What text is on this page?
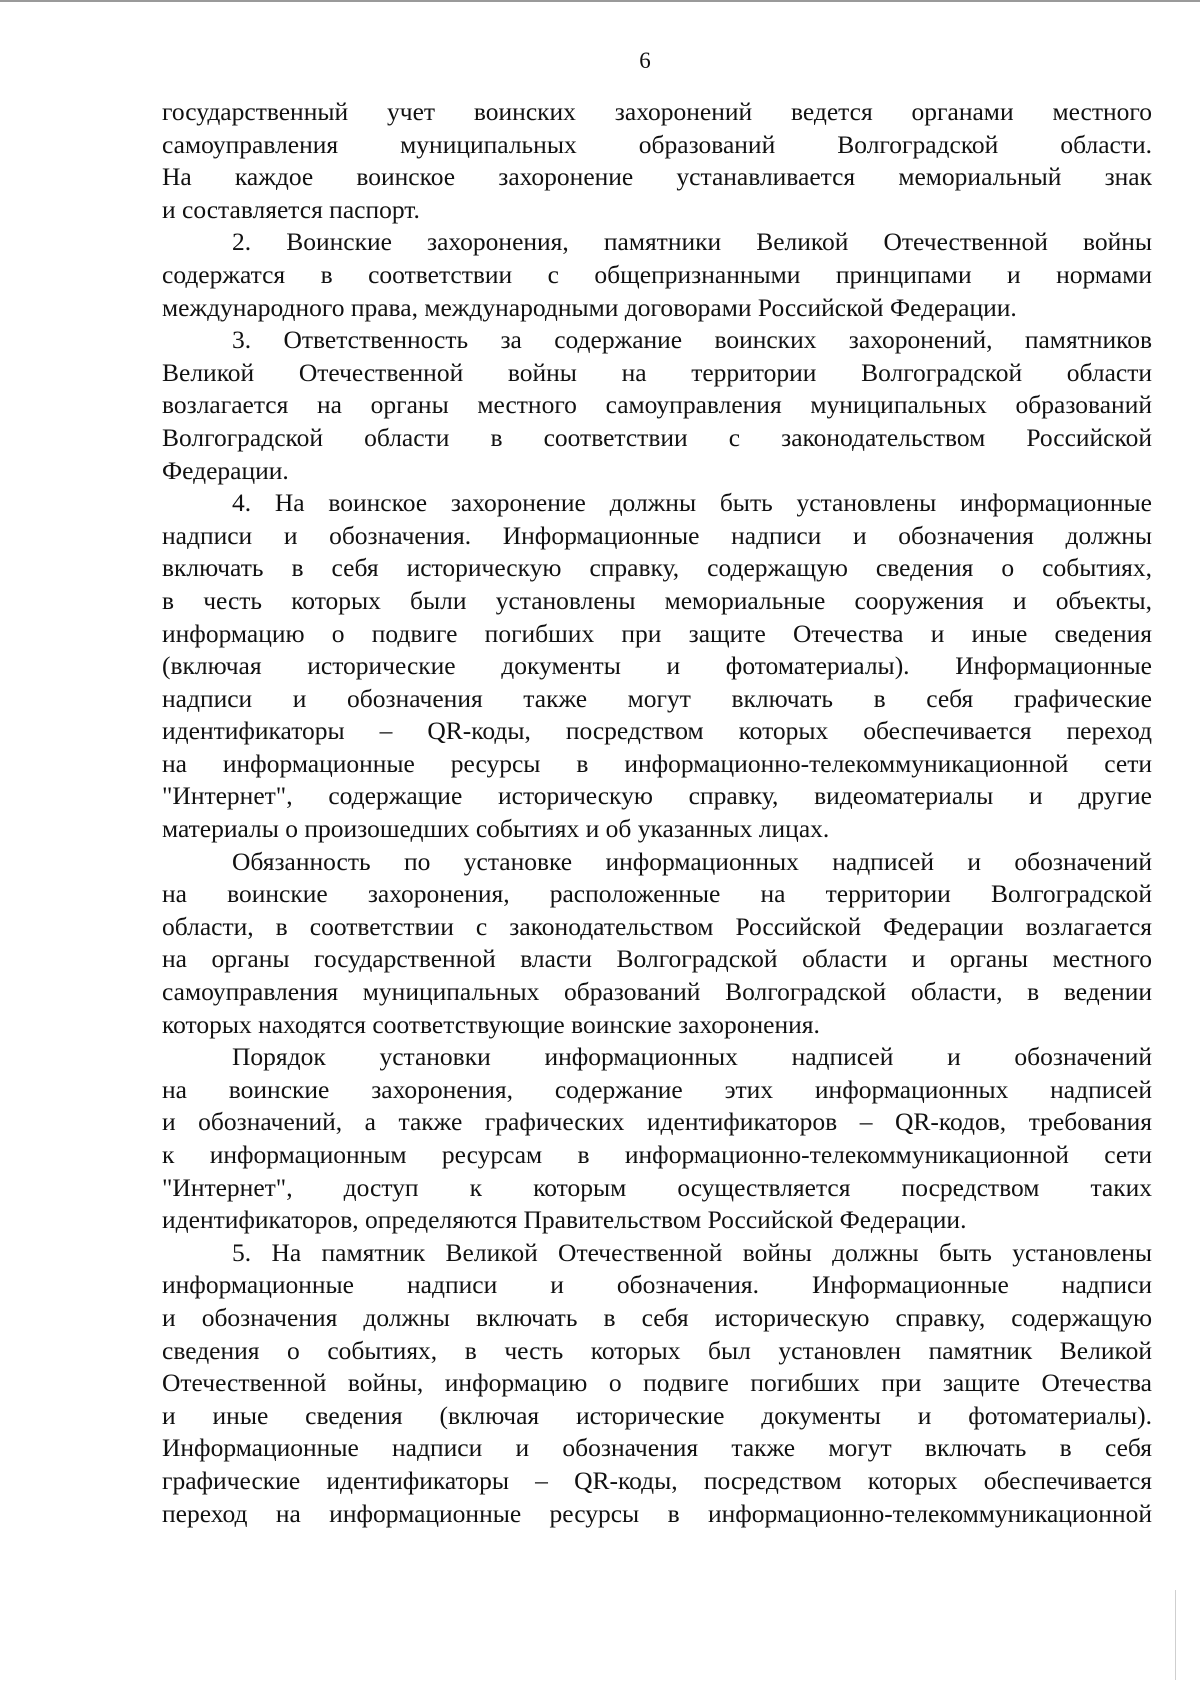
6

государственный учет воинских захоронений ведется органами местного

самоуправления муниципальных образований Волгоградской области.

На каждое воинское захоронение устанавливается мемориальный знак

и составляется паспорт.

2. Воинские захоронения, памятники Великой Отечественной войны

содержатся в соответствии с общепризнанными принципами и нормами

международного права, международными договорами Российской Федерации.

3. Ответственность за содержание воинских захоронений, памятников

Великой Отечественной войны на территории Волгоградской области

возлагается на органы местного самоуправления муниципальных образований

Волгоградской области в соответствии с законодательством Российской

Федерации.

4. На воинское захоронение должны быть установлены информационные

надписи и обозначения. Информационные надписи и обозначения должны

включать в себя историческую справку, содержащую сведения о событиях,

в честь которых были установлены мемориальные сооружения и объекты,

информацию о подвиге погибших при защите Отечества и иные сведения

(включая исторические документы и фотоматериалы). Информационные

надписи и обозначения также могут включать в себя графические

идентификаторы – QR-коды, посредством которых обеспечивается переход

на информационные ресурсы в информационно-телекоммуникационной сети

"Интернет", содержащие историческую справку, видеоматериалы и другие

материалы о произошедших событиях и об указанных лицах.

Обязанность по установке информационных надписей и обозначений

на воинские захоронения, расположенные на территории Волгоградской

области, в соответствии с законодательством Российской Федерации возлагается

на органы государственной власти Волгоградской области и органы местного

самоуправления муниципальных образований Волгоградской области, в ведении

которых находятся соответствующие воинские захоронения.

Порядок установки информационных надписей и обозначений

на воинские захоронения, содержание этих информационных надписей

и обозначений, а также графических идентификаторов – QR-кодов, требования

к информационным ресурсам в информационно-телекоммуникационной сети

"Интернет", доступ к которым осуществляется посредством таких

идентификаторов, определяются Правительством Российской Федерации.

5. На памятник Великой Отечественной войны должны быть установлены

информационные надписи и обозначения. Информационные надписи

и обозначения должны включать в себя историческую справку, содержащую

сведения о событиях, в честь которых был установлен памятник Великой

Отечественной войны, информацию о подвиге погибших при защите Отечества

и иные сведения (включая исторические документы и фотоматериалы).

Информационные надписи и обозначения также могут включать в себя

графические идентификаторы – QR-коды, посредством которых обеспечивается

переход на информационные ресурсы в информационно-телекоммуникационной
